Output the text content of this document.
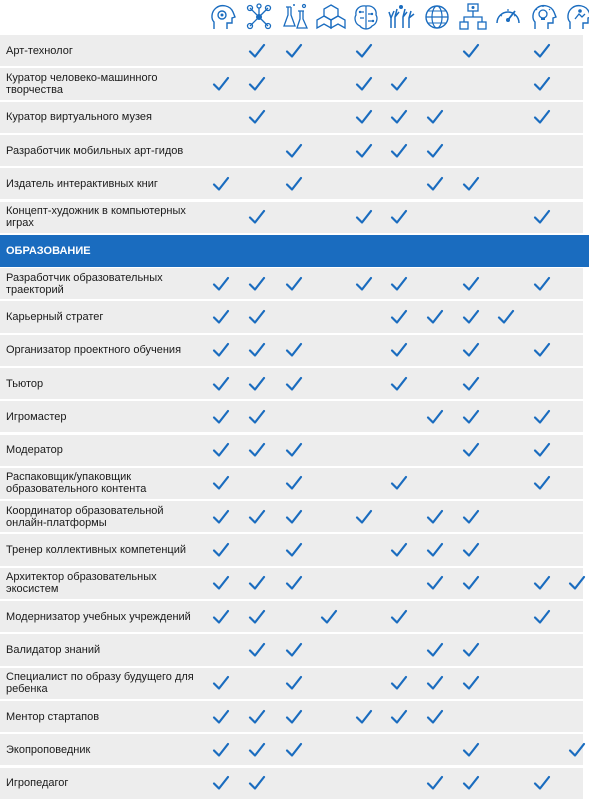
Арт-технолог
Куратор человеко-машинного творчества
Куратор виртуального музея
Разработчик мобильных арт-гидов
Издатель интерактивных книг
Концепт-художник в компьютерных играх
ОБРАЗОВАНИЕ
Разработчик образовательных траекторий
Карьерный стратег
Организатор проектного обучения
Тьютор
Игромастер
Модератор
Распаковщик/упаковщик образовательного контента
Координатор образовательной онлайн-платформы
Тренер коллективных компетенций
Архитектор образовательных экосистем
Модернизатор учебных учреждений
Валидатор знаний
Специалист по образу будущего для ребенка
Ментор стартапов
Экопроповедник
Игропедагог
